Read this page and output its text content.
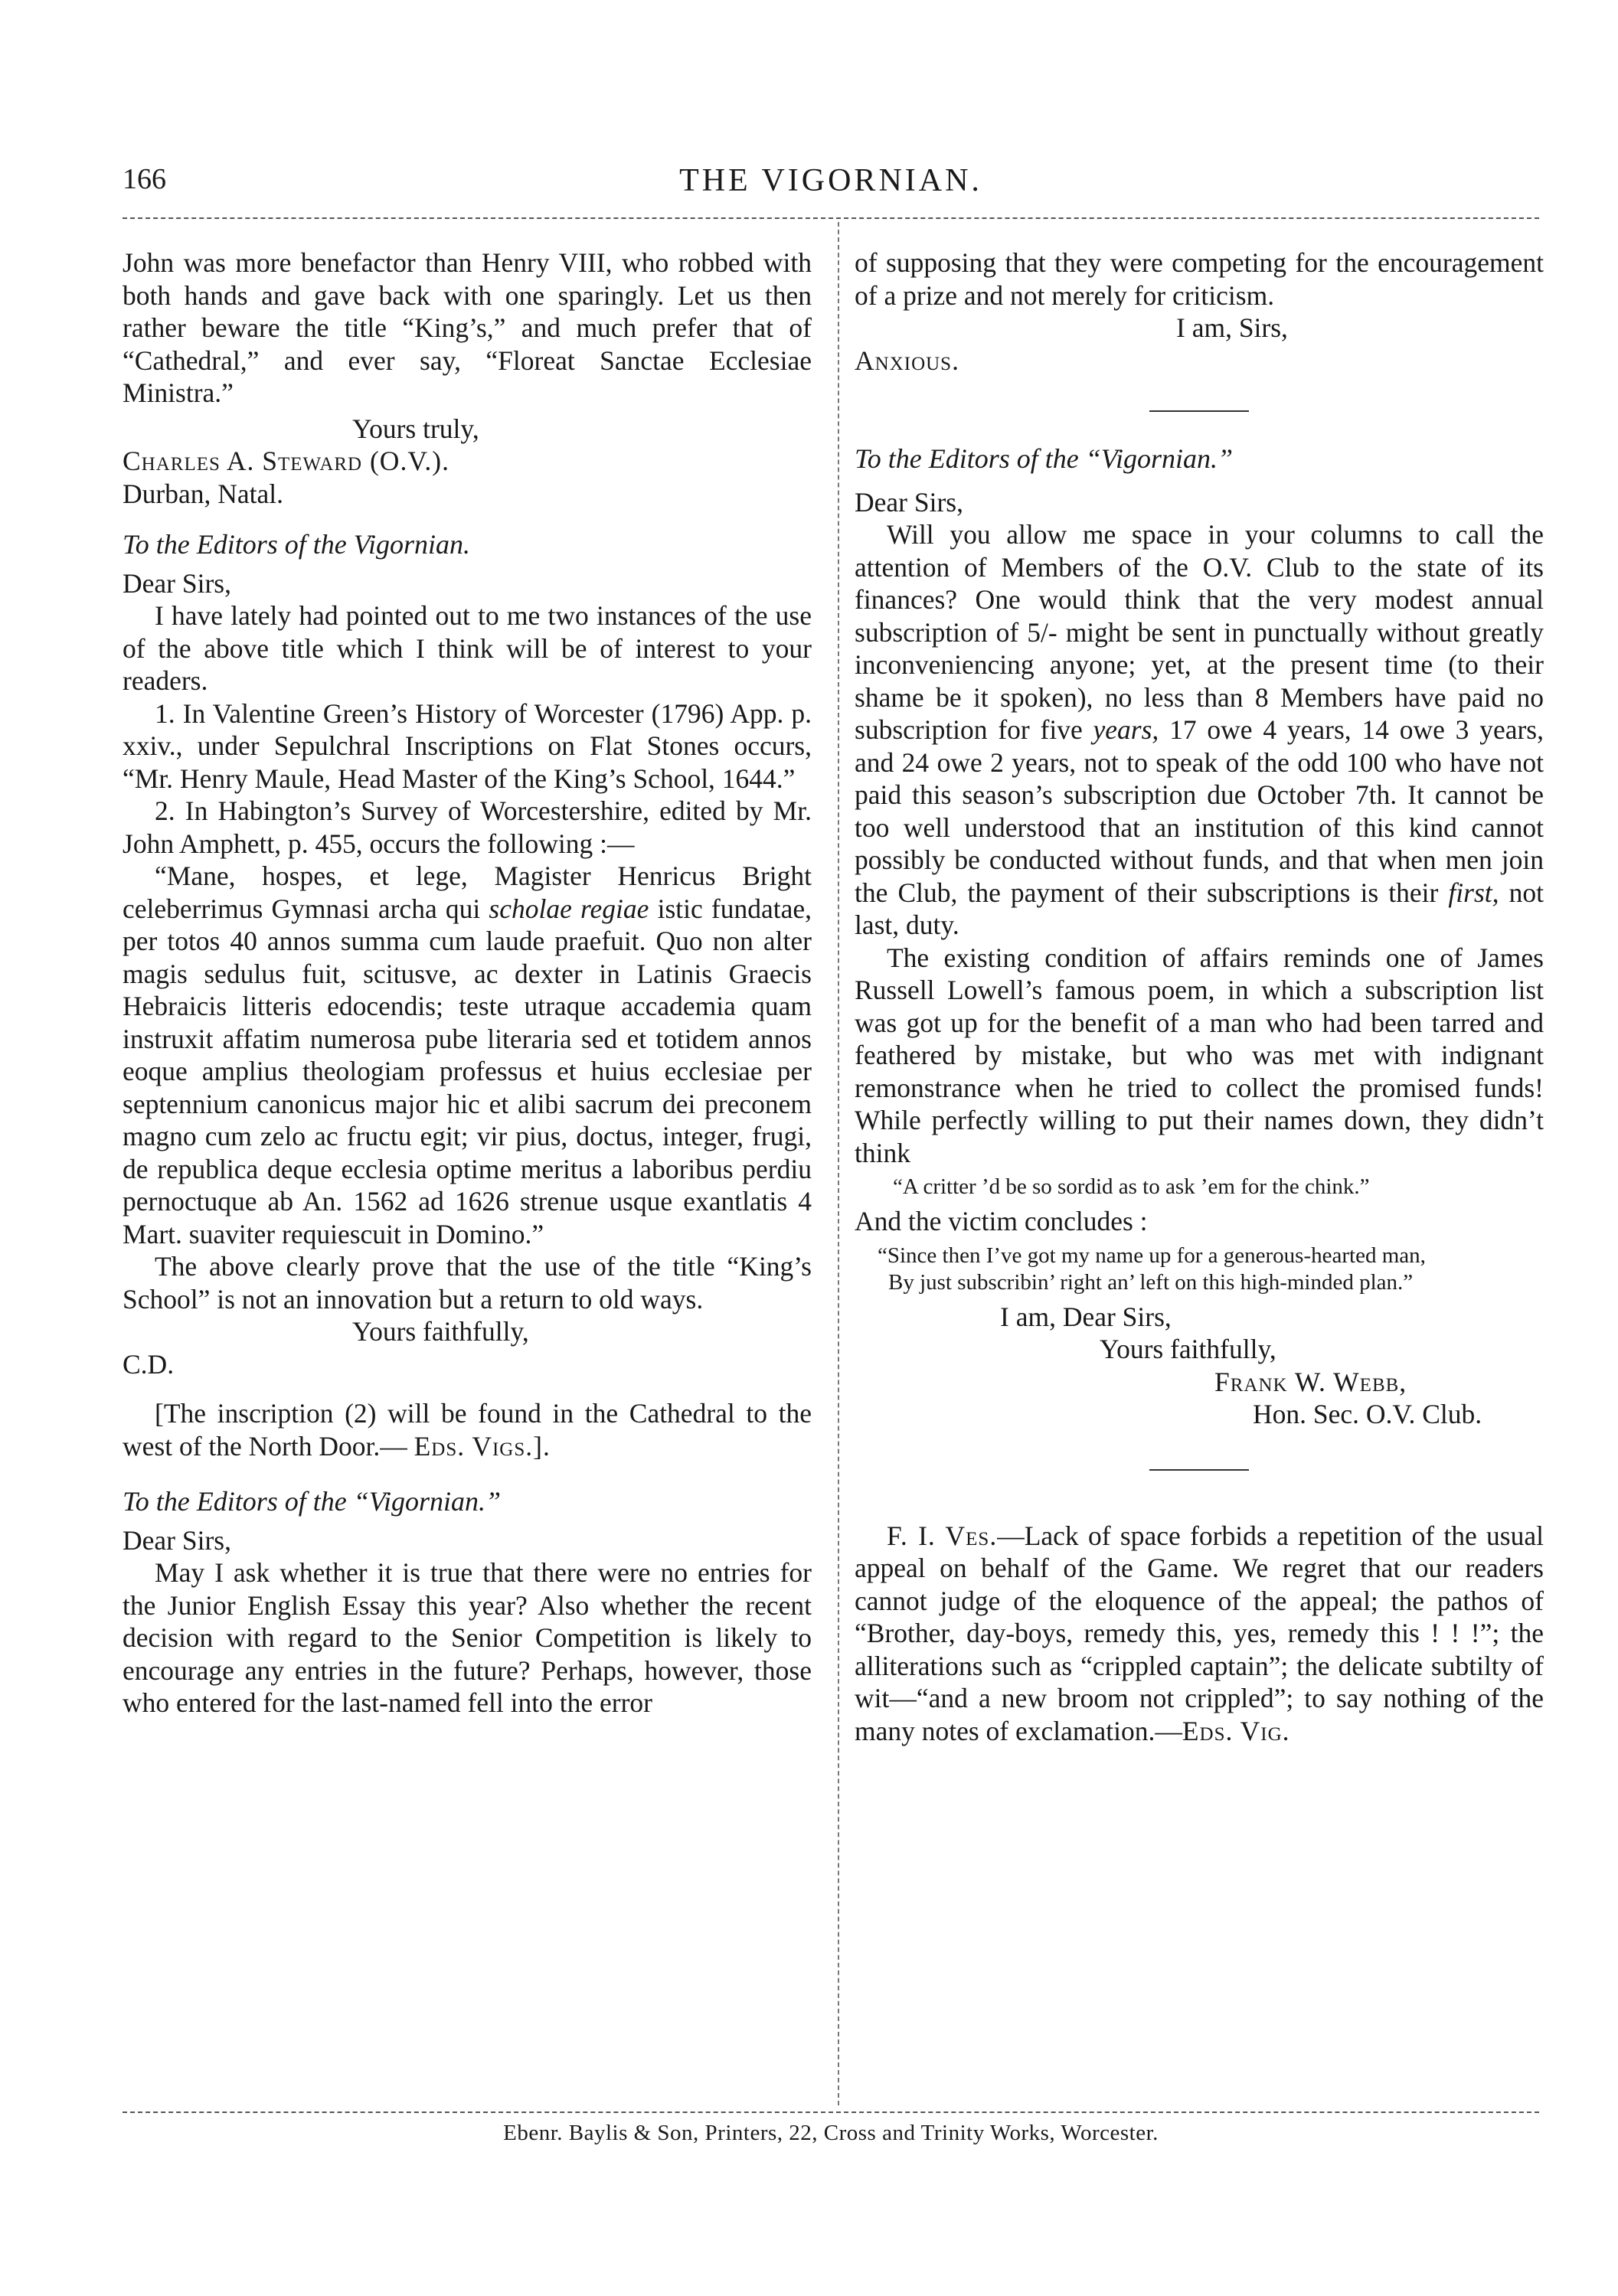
166	THE VIGORNIAN.

John was more benefactor than Henry VIII, who robbed with both hands and gave back with one sparingly. Let us then rather beware the title “King’s,” and much prefer that of “Cathedral,” and ever say, “Floreat Sanctae Ecclesiae Ministra.”

Yours truly,

Charles A. Steward (O.V.).

Durban, Natal.

To the Editors of the Vigornian.

Dear Sirs,

I have lately had pointed out to me two instances of the use of the above title which I think will be of interest to your readers.

1. In Valentine Green’s History of Worcester (1796) App. p. xxiv., under Sepulchral Inscriptions on Flat Stones occurs, “Mr. Henry Maule, Head Master of the King’s School, 1644.”

2. In Habington’s Survey of Worcestershire, edited by Mr. John Amphett, p. 455, occurs the following :—

“Mane, hospes, et lege, Magister Henricus Bright celeberrimus Gymnasi archa qui scholae regiae istic fundatae, per totos 40 annos summa cum laude praefuit. Quo non alter magis sedulus fuit, scitusve, ac dexter in Latinis Graecis Hebraicis litteris edocendis; teste utraque accademia quam instruxit affatim numerosa pube literaria sed et totidem annos eoque amplius theologiam professus et huius ecclesiae per septennium canonicus major hic et alibi sacrum dei preconem magno cum zelo ac fructu egit; vir pius, doctus, integer, frugi, de republica deque ecclesia optime meritus a laboribus perdiu pernoctuque ab An. 1562 ad 1626 strenue usque exantlatis 4 Mart. suaviter requiescuit in Domino.”

The above clearly prove that the use of the title “King’s School” is not an innovation but a return to old ways.

Yours faithfully,

C.D.

[The inscription (2) will be found in the Cathedral to the west of the North Door.— Eds. Vigs.].

To the Editors of the “Vigornian.”

Dear Sirs,

May I ask whether it is true that there were no entries for the Junior English Essay this year? Also whether the recent decision with regard to the Senior Competition is likely to encourage any entries in the future? Perhaps, however, those who entered for the last-named fell into the error

of supposing that they were competing for the encouragement of a prize and not merely for criticism.

I am, Sirs,

Anxious.

To the Editors of the “Vigornian.”

Dear Sirs,

Will you allow me space in your columns to call the attention of Members of the O.V. Club to the state of its finances? One would think that the very modest annual subscription of 5/- might be sent in punctually without greatly inconveniencing anyone; yet, at the present time (to their shame be it spoken), no less than 8 Members have paid no subscription for five years, 17 owe 4 years, 14 owe 3 years, and 24 owe 2 years, not to speak of the odd 100 who have not paid this season’s subscription due October 7th. It cannot be too well understood that an institution of this kind cannot possibly be conducted without funds, and that when men join the Club, the payment of their subscriptions is their first, not last, duty.

The existing condition of affairs reminds one of James Russell Lowell’s famous poem, in which a subscription list was got up for the benefit of a man who had been tarred and feathered by mistake, but who was met with indignant remonstrance when he tried to collect the promised funds! While perfectly willing to put their names down, they didn’t think

“A critter ’d be so sordid as to ask ’em for the chink.”

And the victim concludes :

“Since then I’ve got my name up for a generous-hearted man,

By just subscribin’ right an’ left on this high-minded plan.”

I am, Dear Sirs,

Yours faithfully,

Frank W. Webb,

Hon. Sec. O.V. Club.

F. I. Ves.—Lack of space forbids a repetition of the usual appeal on behalf of the Game. We regret that our readers cannot judge of the eloquence of the appeal; the pathos of “Brother, day-boys, remedy this, yes, remedy this ! ! !”; the alliterations such as “crippled captain”; the delicate subtilty of wit—“and a new broom not crippled”; to say nothing of the many notes of exclamation.—Eds. Vig.

Ebenr. Baylis & Son, Printers, 22, Cross and Trinity Works, Worcester.
